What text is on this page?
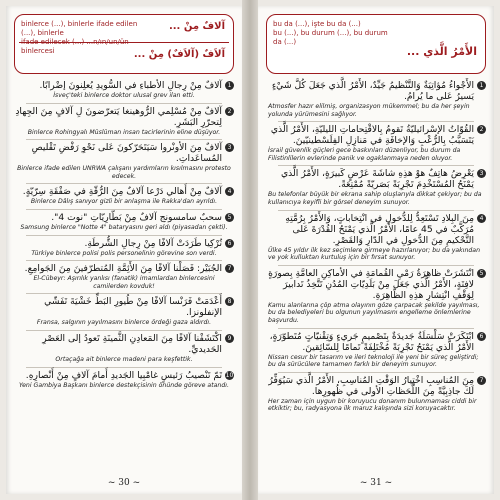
binlerce (...), binlerle ifade edilen (...), binlerle
ifade edilecek (...) ...n/ın/un/ün binlercesi
آلافٌ مِنْ ...
آلاَفٌ (آلاَفٌ) مِنْ ...
1
آلافٌ مِنْ رِجالِ الأطباءِ في السُّويدِ يُعلِنونَ إضْرابًا.
İsveç'teki binlerce doktor ulusal grev ilan etti.
2
آلافٌ مِنْ مُسْلِمي الرُّوهينغا يَتعرّضونَ لِ آلافٍ مِنَ الجِهادِ لِتحرّرِ البَشَرِ.
Binlerce Rohingyalı Müslüman insan tacirlerinin eline düşüyor.
3
آلافٌ مِنَ الأونْروا سَيَتَحَرّكونَ عَلى نَحْوِ رَفْضِ تَقْليصِ المُساعَداتِ.
Binlerce ifade edilen UNRWA çalışanı yardımların kısılmasını protesto edecek.
4
آلافٌ مِنْ أَهالي دَرْعا آلافٌ مِنَ الرُّقّةِ في صَفْقَةِ سِرّيّةٍ.
Binlerce Dâlış sanıyor gizli bir anlaşma ile Rakka'dan ayrıldı.
5
سحبٌ سامسونج آلافٌ مِنْ بَطّارِيّاتِ "نوت 4".
Samsung binlerce "Notte 4" bataryasını geri aldı (piyasadan çekti).
6
تُرْكِيا طَرَدَتْ آلافًا مِنْ رِجالِ الشُّرطَةِ.
Türkiye binlerce polisi polis personelinin görevine son verdi.
7
الجُبَيْر: فَصَلْنا آلافًا مِنَ الأَئِمَّةِ المُتطرّفينَ مِنَ الجَوامِعِ.
El-Cübeyr: Aşırılık yanlısı (fanatik) imamlardan binlercesini camilerden kovduk!
8
أَعْدَمَتْ فَرَنْسا آلافًا مِنْ طُيورِ البَطِّ خَشْيَةَ تَفَشّي الإنفلونزا.
Fransa, salgının yayılmasını binlerce ördeği gaza aldırdı.
9
اكْتَشَفْنا آلافًا مِنَ المَعادِنِ الثَّمينَةِ تَعودُ إلى العَصْرِ الحَديديِّ.
Ortaçağa ait binlerce madeni para keşfettik.
10
تَمّ تَنْصيبُ رَئيسٍ غامْبِيا الجَديدِ أَمامَ آلافٍ مِنْ أَنْصارِهِ.
Yeni Gambiya Başkanı binlerce destekçisinin önünde göreve atandı.
~ 30 ~
bu da (...), işte bu da (...)
bu (...), bu durum (...), bu durum da (...)
الأَمْرُ الَّذي ...
1
الأَجْواءُ مُؤاتِيَةٌ وَالتَّنْظيمُ جَيِّدٌ، الأَمْرُ الَّذي جَعَلَ كُلَّ شَيْءٍ يَسيرُ عَلى ما يُرامُ.
Atmosfer hazır elilmiş, organizasyon mükemmel; bu da her şeyin yolunda yürümesini sağlıyor.
2
القُوّاتُ الإسْرائيليّةُ تَقومُ بِالاقْتِحاماتِ الليليّةِ، الأَمْرُ الَّذي يَتَسَبَّبُ بِالرُّعْبِ وَالإخافَةِ في مَنازِلِ الفِلَسْطينيّينَ.
İsrail güvenlik güçleri gece baskınları düzenliyor, bu durum da Filistinlilerin evlerinde panik ve ogaklanmaya neden oluyor.
3
يَعْرِضُ هاتِفٌ هوْ هذِهِ شاشَةَ عَرْضٍ كَبيرَةٍ، الأَمْرُ الَّذي يَمْنَحُ المُسْتَخْدِمَ تَجْرِبَةً بَصَريّةً مُمْتِعَةً.
Bu telefonlar büyük bir ekrana sahip oluşlarıyla dikkat çekiyor; bu da kullanıcıya keyifli bir görsel deneyim sunuyor.
4
مِنَ البِلادِ تَسْتَعِدُّ لِلدُّخولِ في انْتِخاباتٍ، وَالأَمْرُ بِرُمَّتِهِ مُرَكَّبٌ في 45 عامًا، الأَمْرُ الَّذي يَمْنَحُ القُدْرَةَ عَلى التَّحْكيمِ مِنَ الدُّخولِ في الدّارِ وَالقَصْرِ.
Ülke 45 yıldır ilk kez seçimlere girmeye hazırlanıyor; bu da yakından ve yok kulluktan kurtuluş için bir fırsat sunuyor.
5
انْتَشَرَتْ ظاهِرَةُ رَمْيِ القُمامَةِ في الأماكِنِ العامَّةِ بِصورَةٍ لافِتَةٍ، الأَمْرُ الَّذي جَعَلَ مِنْ بَلَدِيّاتِ المُدُنِ تَتَّخِذُ تَدابيرَ لِوَقْفِ انْتِشارِ هذِهِ الظّاهِرَةِ.
Kamu alanlarına çöp atma olayının göze çarpacak şekilde yayılması, bu da belediyeleri bu olgunun yayılmasını engelleme önlemlerine başvurdu.
6
ابْتَكَرَتْ سَلْسَلَةُ جَديدَةٌ بِتَصْميمٍ جَريءٍ وَتِقْنيّاتٍ مُتَطوّرَةٍ، الأَمْرُ الَّذي يَمْنَحُ تَجْرِبَةً مُخْتَلِفَةً تَمامًا لِلسّائِقينَ.
Nissan cesur bir tasarım ve ileri teknoloji ile yeni bir süreç geliştirdi; bu da sürücülere tamamen farklı bir deneyim sunuyor.
7
مِنَ المُناسِبِ اخْتِيارُ الوَقْتِ المُناسِبِ، الأَمْرُ الَّذي سَيُوَفِّرُ لَكَ جاذِبِيَّةً مِنَ اللَّحَظاتِ الأولى في ظُهورِها.
Her zaman için uygun bir koruyucu donanım bulunmaması ciddi bir etkiktir; bu, radyasyona ilk maruz kalışında sizi koruyacaktır.
~ 31 ~
